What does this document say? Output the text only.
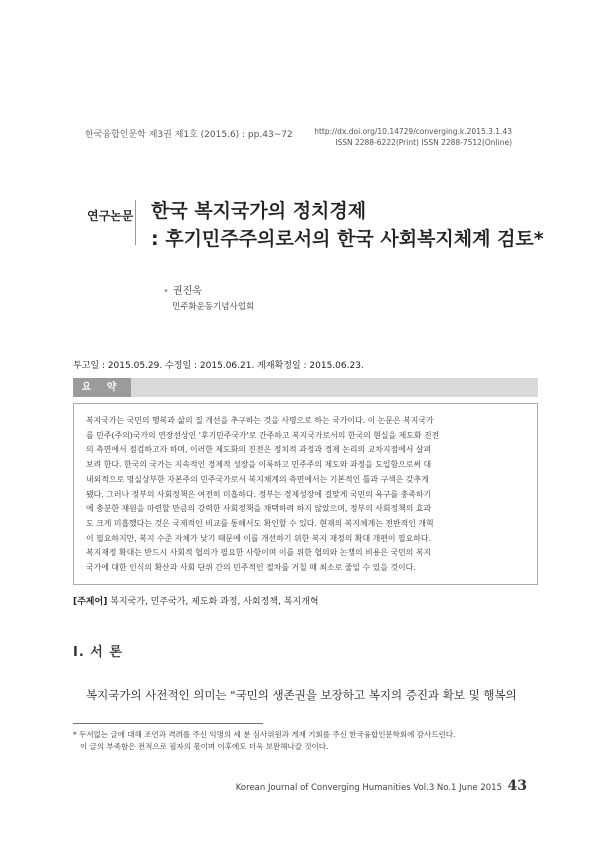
한국융합인문학 제3권 제1호 (2015.6) : pp.43~72	http://dx.doi.org/10.14729/converging.k.2015.3.1.43
ISSN 2288-6222(Print) ISSN 2288-7512(Online)
연구논문 한국 복지국가의 정치경제
: 후기민주주의로서의 한국 사회복지체계 검토*
• 권진욱
민주화운동기념사업회
투고일 : 2015.05.29. 수정일 : 2015.06.21. 게재확정일 : 2015.06.23.
요 약
복지국가는 국민의 행복과 삶의 질 개선을 추구하는 것을 사명으로 하는 국가이다. 이 논문은 복지국가
를 민주(주의)국가의 연장선상인 '후기민주국가'로 간주하고 복지국가로서의 한국의 현실을 제도화 진전
의 측면에서 점검하고자 하며, 이러한 제도화의 진전은 정치적 과정과 경제 논리의 교차지점에서 살펴
보려 한다. 한국의 국가는 지속적인 경제적 성장을 이룩하고 민주주의 제도와 과정을 도입함으로써 대
내외적으로 명실상부한 자본주의 민주국가로서 복지체계의 측면에서는 기본적인 틀과 구색은 갖추게
됐다. 그러나 정부의 사회정책은 여전히 미흡하다. 정부는 경제성장에 걸맞게 국민의 욕구를 충족하기
에 충분한 재원을 마련할 만큼의 강력한 사회정책을 채택하려 하지 않았으며, 정부의 사회정책의 효과
도 크게 미흡했다는 것은 국제적인 비교를 통해서도 확인할 수 있다. 현재의 복지체계는 전반적인 개혁
이 필요하지만, 복지 수준 자체가 낮기 때문에 이를 개선하기 위한 복지 재정의 확대 개편이 필요하다.
복지재정 확대는 반드시 사회적 협의가 필요한 사항이며 이를 위한 협의와 논쟁의 비용은 국민의 복지
국가에 대한 인식의 확산과 사회 단위 간의 민주적인 절차를 거칠 때 최소로 줄일 수 있을 것이다.
[주제어] 복지국가, 민주국가, 제도화 과정, 사회정책, 복지개혁
Ⅰ. 서 론
복지국가의 사전적인 의미는 "국민의 생존권을 보장하고 복지의 증진과 확보 및 행복의
* 두서없는 글에 대해 조언과 격려를 주신 익명의 세 분 심사위원과 게재 기회를 주신 한국융합인문학회에 감사드린다.
이 글의 부족함은 전적으로 필자의 몫이며 이후에도 더욱 보완해나갈 것이다.
Korean Journal of Converging Humanities Vol.3 No.1 June 2015 43
